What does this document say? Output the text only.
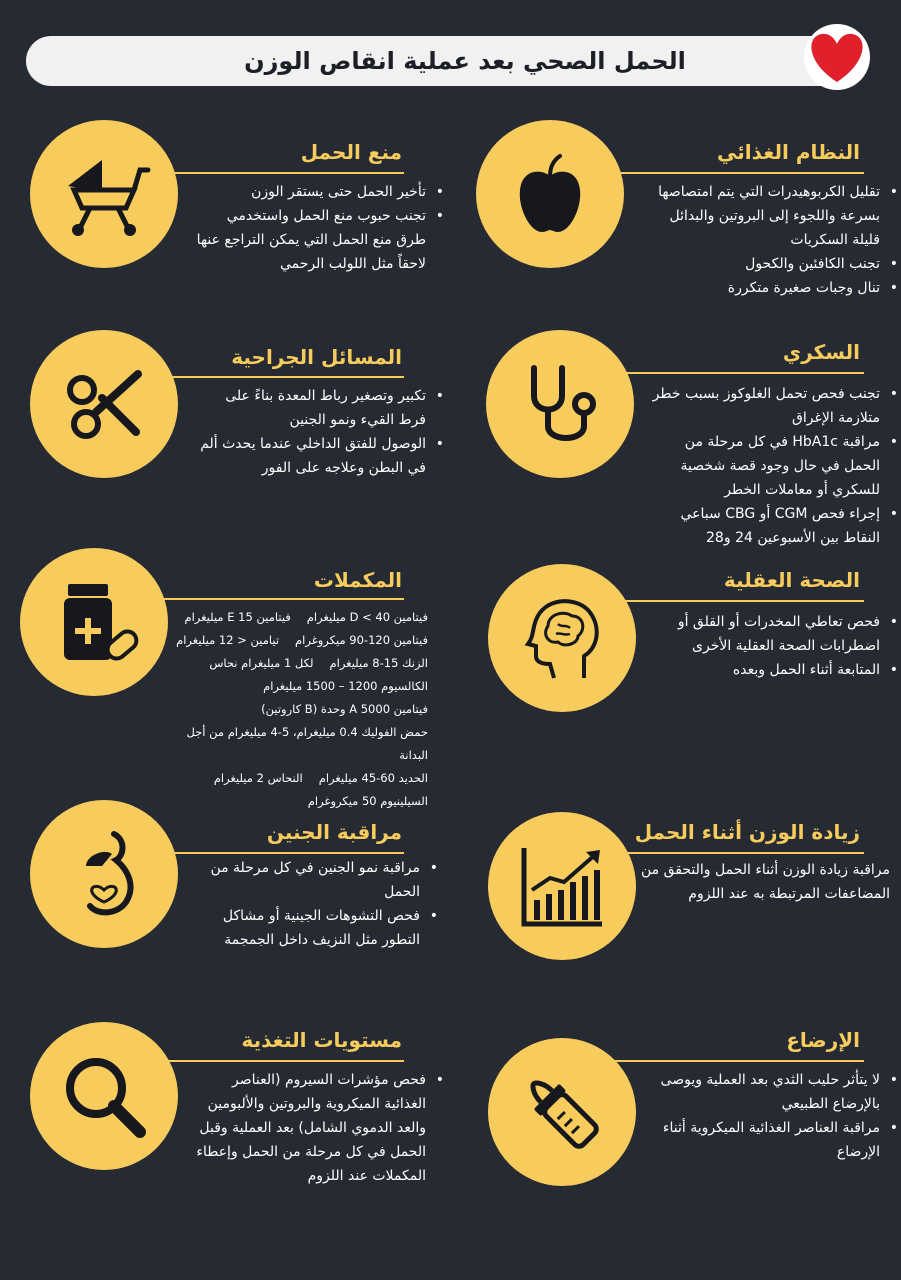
الحمل الصحي بعد عملية انقاص الوزن
النظام الغذائي
• تقليل الكربوهيدرات التي يتم امتصاصها بسرعة واللجوء إلى البروتين والبدائل قليلة السكريات
• تجنب الكافئين والكحول
• تنال وجبات صغيرة متكررة
منع الحمل
• تأخير الحمل حتى يستقر الوزن
• تجنب حبوب منع الحمل واستخدمي طرق منع الحمل التي يمكن التراجع عنها لاحقاً مثل اللولب الرحمي
السكري
• تجنب فحص تحمل الغلوكوز بسبب خطر متلازمة الإغراق
• مراقبة HbA1c في كل مرحلة من الحمل في حال وجود قصة شخصية للسكري أو معاملات الخطر
• إجراء فحص CGM أو CBG سباعي النقاط بين الأسبوعين 24 و28
المسائل الجراحية
• تكبير وتصغير رباط المعدة بناءً على فرط القيء ونمو الجنين
• الوصول للفتق الداخلي عندما يحدث ألم في البطن وعلاجه على الفور
الصحة العقلية
• فحص تعاطي المخدرات أو القلق أو اضطرابات الصحة العقلية الأخرى
• المتابعة أثناء الحمل وبعده
المكملات
فيتامين D < 40 ميليغرام
فيتامين E 15 ميليغرام
فيتامين 120-90 ميكروغرام
تيامين < 12 ميليغرام
الزنك 15-8 ميليغرام
لكل 1 ميليغرام نحاس
الكالسيوم 1200 – 1500 ميليغرام
فيتامين A 5000 وحدة (B كاروتين)
حمض الفوليك 0.4 ميليغرام، 5-4 ميليغرام من أجل البدانة
الحديد 60-45 ميليغرام
النحاس 2 ميليغرام
السيلينيوم 50 ميكروغرام
زيادة الوزن أثناء الحمل
• مراقبة زيادة الوزن أثناء الحمل والتحقق من المضاعفات المرتبطة به عند اللزوم
مراقبة الجنين
• مراقبة نمو الجنين في كل مرحلة من الحمل
• فحص التشوهات الجينية أو مشاكل التطور مثل النزيف داخل الجمجمة
الإرضاع
• لا يتأثر حليب الثدي بعد العملية ويوصى بالإرضاع الطبيعي
• مراقبة العناصر الغذائية الميكروية أثناء الإرضاع
مستويات التغذية
• فحص مؤشرات السيروم (العناصر الغذائية الميكروية والبروتين والألبومين والعد الدموي الشامل) بعد العملية وقبل الحمل في كل مرحلة من الحمل وإعطاء المكملات عند اللزوم
